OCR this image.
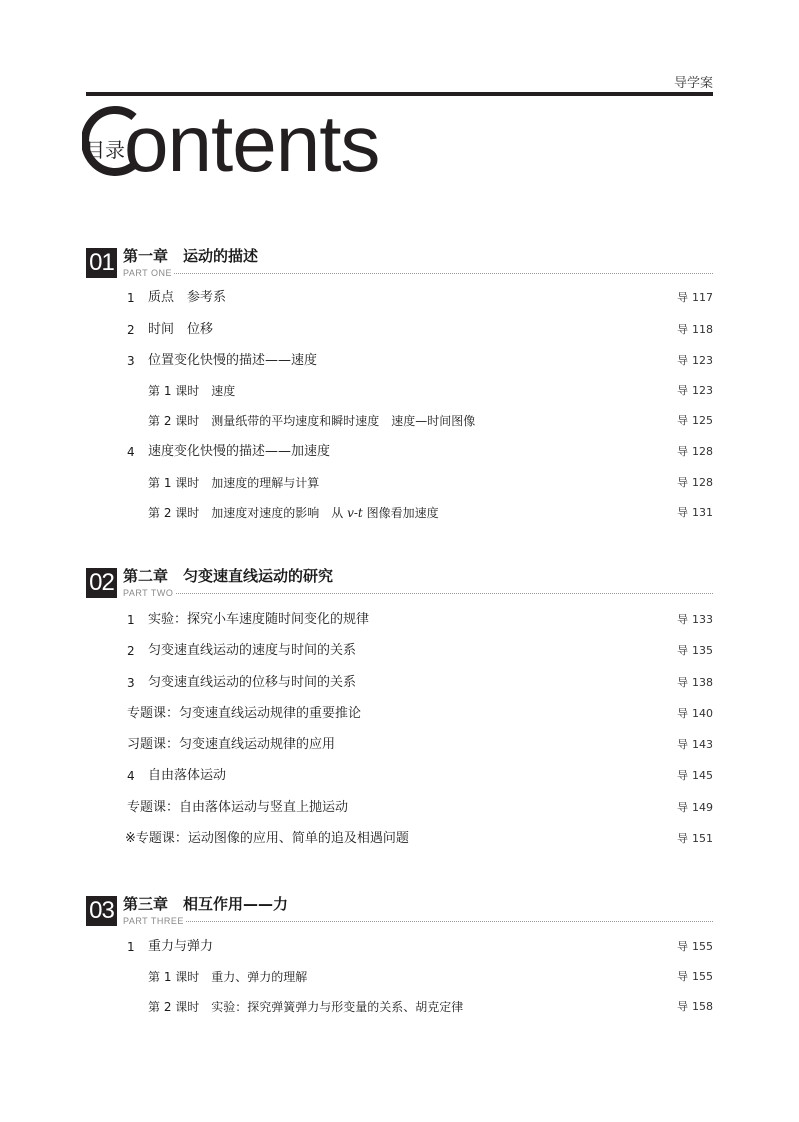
导学案
ontents
目录
01 第一章　运动的描述
PART ONE
1 质点　参考系	导 117
2 时间　位移	导 118
3 位置变化快慢的描述——速度	导 123
第 1 课时　速度	导 123
第 2 课时　测量纸带的平均速度和瞬时速度　速度—时间图像	导 125
4 速度变化快慢的描述——加速度	导 128
第 1 课时　加速度的理解与计算	导 128
第 2 课时　加速度对速度的影响　从 v-t 图像看加速度	导 131
02 第二章　匀变速直线运动的研究
PART TWO
1 实验：探究小车速度随时间变化的规律	导 133
2 匀变速直线运动的速度与时间的关系	导 135
3 匀变速直线运动的位移与时间的关系	导 138
专题课：匀变速直线运动规律的重要推论	导 140
习题课：匀变速直线运动规律的应用	导 143
4 自由落体运动	导 145
专题课：自由落体运动与竖直上抛运动	导 149
※专题课：运动图像的应用、简单的追及相遇问题	导 151
03 第三章　相互作用——力
PART THREE
1 重力与弹力	导 155
第 1 课时　重力、弹力的理解	导 155
第 2 课时　实验：探究弹簧弹力与形变量的关系、胡克定律	导 158
